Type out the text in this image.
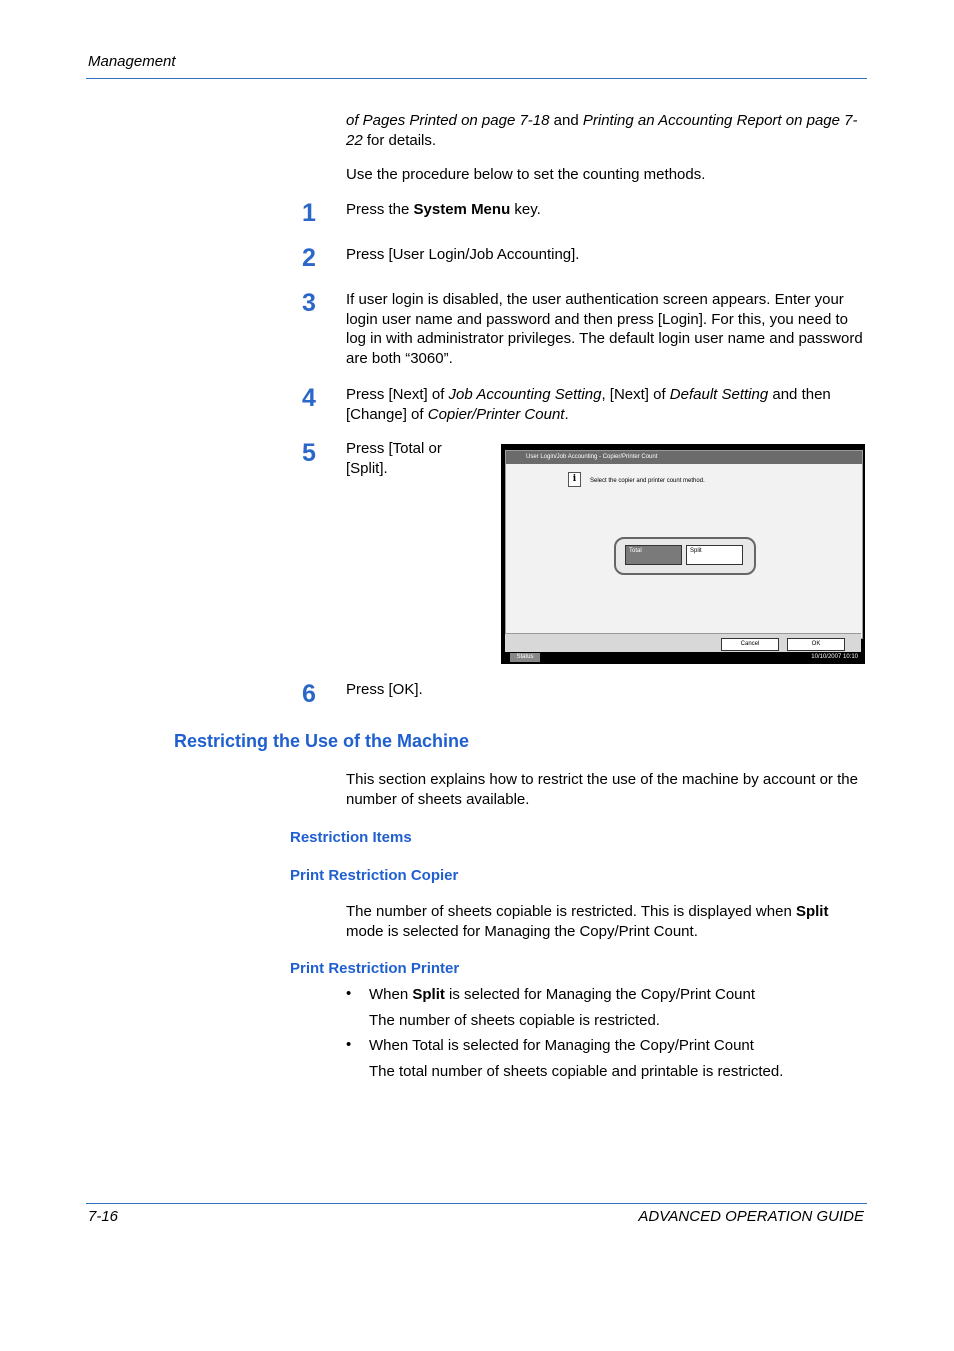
Management
of Pages Printed on page 7-18 and Printing an Accounting Report on page 7-22 for details.
Use the procedure below to set the counting methods.
1 Press the System Menu key.
2 Press [User Login/Job Accounting].
3 If user login is disabled, the user authentication screen appears. Enter your login user name and password and then press [Login]. For this, you need to log in with administrator privileges. The default login user name and password are both “3060”.
4 Press [Next] of Job Accounting Setting, [Next] of Default Setting and then [Change] of Copier/Printer Count.
5 Press [Total or [Split].
User Login/Job Accounting - Copier/Printer Count
i	Select the copier and printer count method.
Total	Split
Cancel	OK
Status	10/10/2007 10:10
6 Press [OK].
Restricting the Use of the Machine
This section explains how to restrict the use of the machine by account or the number of sheets available.
Restriction Items
Print Restriction Copier
The number of sheets copiable is restricted. This is displayed when Split mode is selected for Managing the Copy/Print Count.
Print Restriction Printer
• When Split is selected for Managing the Copy/Print Count
The number of sheets copiable is restricted.
• When Total is selected for Managing the Copy/Print Count
The total number of sheets copiable and printable is restricted.
7-16	ADVANCED OPERATION GUIDE
